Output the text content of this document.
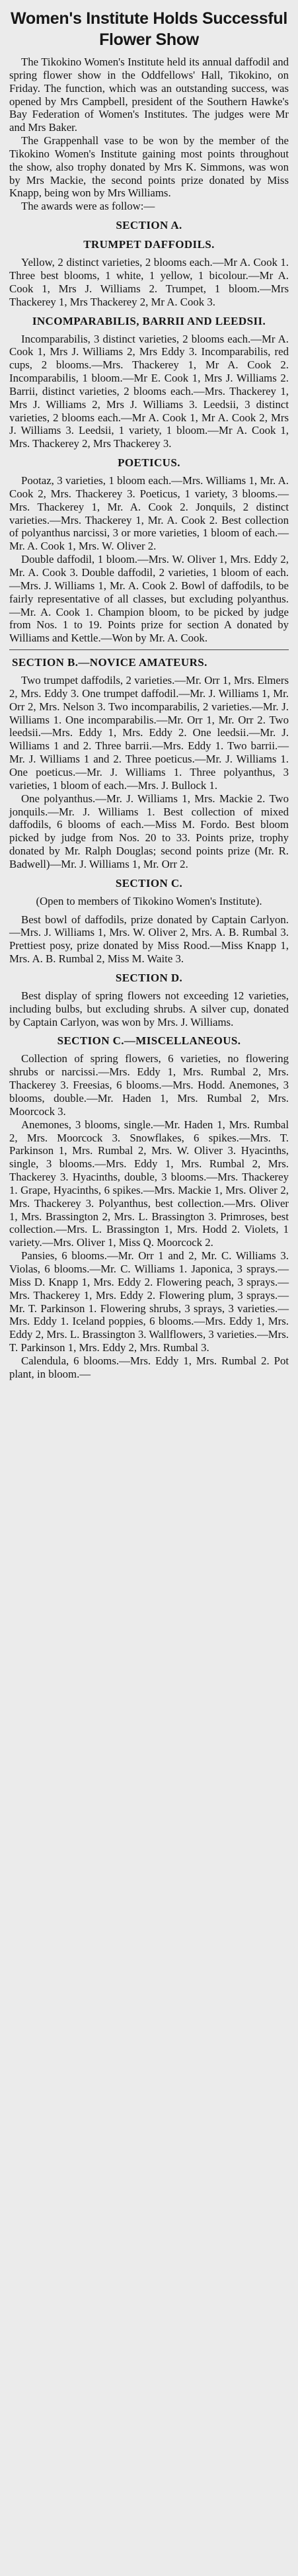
Women's Institute Holds Successful
Flower Show

The Tikokino Women's Institute held its annual daffodil and spring flower show in the Oddfellows' Hall, Tikokino, on Friday. The function, which was an outstanding success, was opened by Mrs Campbell, president of the Southern Hawke's Bay Federation of Women's Institutes. The judges were Mr and Mrs Baker.

The Grappenhall vase to be won by the member of the Tikokino Women's Institute gaining most points throughout the show, also trophy donated by Mrs K. Simmons, was won by Mrs Mackie, the second points prize donated by Miss Knapp, being won by Mrs Williams.

The awards were as follow:—

SECTION A.
TRUMPET DAFFODILS.

Yellow, 2 distinct varieties, 2 blooms each.—Mr A. Cook 1. Three best blooms, 1 white, 1 yellow, 1 bicolour.—Mr A. Cook 1, Mrs J. Williams 2. Trumpet, 1 bloom.—Mrs Thackerey 1, Mrs Thackerey 2, Mr A. Cook 3.

INCOMPARABILIS, BARRII AND LEEDSII.

Incomparabilis, 3 distinct varieties, 2 blooms each.—Mr A. Cook 1, Mrs J. Williams 2, Mrs Eddy 3. Incomparabilis, red cups, 2 blooms.—Mrs. Thackerey 1, Mr A. Cook 2. Incomparabilis, 1 bloom.—Mr E. Cook 1, Mrs J. Williams 2. Barrii, distinct varieties, 2 blooms each.—Mrs. Thackerey 1, Mrs J. Williams 2, Mrs J. Williams 3. Leedsii, 3 distinct varieties, 2 blooms each.—Mr A. Cook 1, Mr A. Cook 2, Mrs J. Williams 3. Leedsii, 1 variety, 1 bloom.—Mr A. Cook 1, Mrs. Thackerey 2, Mrs Thackerey 3.

POETICUS.

Pootaz, 3 varieties, 1 bloom each.—Mrs. Williams 1, Mr. A. Cook 2, Mrs. Thackerey 3. Poeticus, 1 variety, 3 blooms.—Mrs. Thackerey 1, Mr. A. Cook 2. Jonquils, 2 distinct varieties.—Mrs. Thackerey 1, Mr. A. Cook 2. Best collection of polyanthus narcissi, 3 or more varieties, 1 bloom of each.—Mr. A. Cook 1, Mrs. W. Oliver 2.

Double daffodil, 1 bloom.—Mrs. W. Oliver 1, Mrs. Eddy 2, Mr. A. Cook 3. Double daffodil, 2 varieties, 1 bloom of each.—Mrs. J. Williams 1, Mr. A. Cook 2. Bowl of daffodils, to be fairly representative of all classes, but excluding polyanthus.—Mr. A. Cook 1. Champion bloom, to be picked by judge from Nos. 1 to 19. Points prize for section A donated by Williams and Kettle.—Won by Mr. A. Cook.

SECTION B.—NOVICE AMATEURS.

Two trumpet daffodils, 2 varieties.—Mr. Orr 1, Mrs. Elmers 2, Mrs. Eddy 3. One trumpet daffodil.—Mr. J. Williams 1, Mr. Orr 2, Mrs. Nelson 3. Two incomparabilis, 2 varieties.—Mr. J. Williams 1. One incomparabilis.—Mr. Orr 1, Mr. Orr 2. Two leedsii.—Mrs. Eddy 1, Mrs. Eddy 2. One leedsii.—Mr. J. Williams 1 and 2. Three barrii.—Mrs. Eddy 1. Two barrii.—Mr. J. Williams 1 and 2. Three poeticus.—Mr. J. Williams 1. One poeticus.—Mr. J. Williams 1. Three polyanthus, 3 varieties, 1 bloom of each.—Mrs. J. Bullock 1.

One polyanthus.—Mr. J. Williams 1, Mrs. Mackie 2. Two jonquils.—Mr. J. Williams 1. Best collection of mixed daffodils, 6 blooms of each.—Miss M. Fordo. Best bloom picked by judge from Nos. 20 to 33. Points prize, trophy donated by Mr. Ralph Douglas; second points prize (Mr. R. Badwell)—Mr. J. Williams 1, Mr. Orr 2.

SECTION C.

(Open to members of Tikokino Women's Institute).

Best bowl of daffodils, prize donated by Captain Carlyon.—Mrs. J. Williams 1, Mrs. W. Oliver 2, Mrs. A. B. Rumbal 3. Prettiest posy, prize donated by Miss Rood.—Miss Knapp 1, Mrs. A. B. Rumbal 2, Miss M. Waite 3.

SECTION D.

Best display of spring flowers not exceeding 12 varieties, including bulbs, but excluding shrubs. A silver cup, donated by Captain Carlyon, was won by Mrs. J. Williams.

SECTION C.—MISCELLANEOUS.

Collection of spring flowers, 6 varieties, no flowering shrubs or narcissi.—Mrs. Eddy 1, Mrs. Rumbal 2, Mrs. Thackerey 3. Freesias, 6 blooms.—Mrs. Hodd. Anemones, 3 blooms, double.—Mr. Haden 1, Mrs. Rumbal 2, Mrs. Moorcock 3.

Anemones, 3 blooms, single.—Mr. Haden 1, Mrs. Rumbal 2, Mrs. Moorcock 3. Snowflakes, 6 spikes.—Mrs. T. Parkinson 1, Mrs. Rumbal 2, Mrs. W. Oliver 3. Hyacinths, single, 3 blooms.—Mrs. Eddy 1, Mrs. Rumbal 2, Mrs. Thackerey 3. Hyacinths, double, 3 blooms.—Mrs. Thackerey 1. Grape, Hyacinths, 6 spikes.—Mrs. Mackie 1, Mrs. Oliver 2, Mrs. Thackerey 3. Polyanthus, best collection.—Mrs. Oliver 1, Mrs. Brassington 2, Mrs. L. Brassington 3. Primroses, best collection.—Mrs. L. Brassington 1, Mrs. Hodd 2. Violets, 1 variety.—Mrs. Oliver 1, Miss Q. Moorcock 2.

Pansies, 6 blooms.—Mr. Orr 1 and 2, Mr. C. Williams 3. Violas, 6 blooms.—Mr. C. Williams 1. Japonica, 3 sprays.—Miss D. Knapp 1, Mrs. Eddy 2. Flowering peach, 3 sprays.—Mrs. Thackerey 1, Mrs. Eddy 2. Flowering plum, 3 sprays.—Mr. T. Parkinson 1. Flowering shrubs, 3 sprays, 3 varieties.—Mrs. Eddy 1. Iceland poppies, 6 blooms.—Mrs. Eddy 1, Mrs. Eddy 2, Mrs. L. Brassington 3. Wallflowers, 3 varieties.—Mrs. T. Parkinson 1, Mrs. Eddy 2, Mrs. Rumbal 3.

Calendula, 6 blooms.—Mrs. Eddy 1, Mrs. Rumbal 2. Pot plant, in bloom.—
